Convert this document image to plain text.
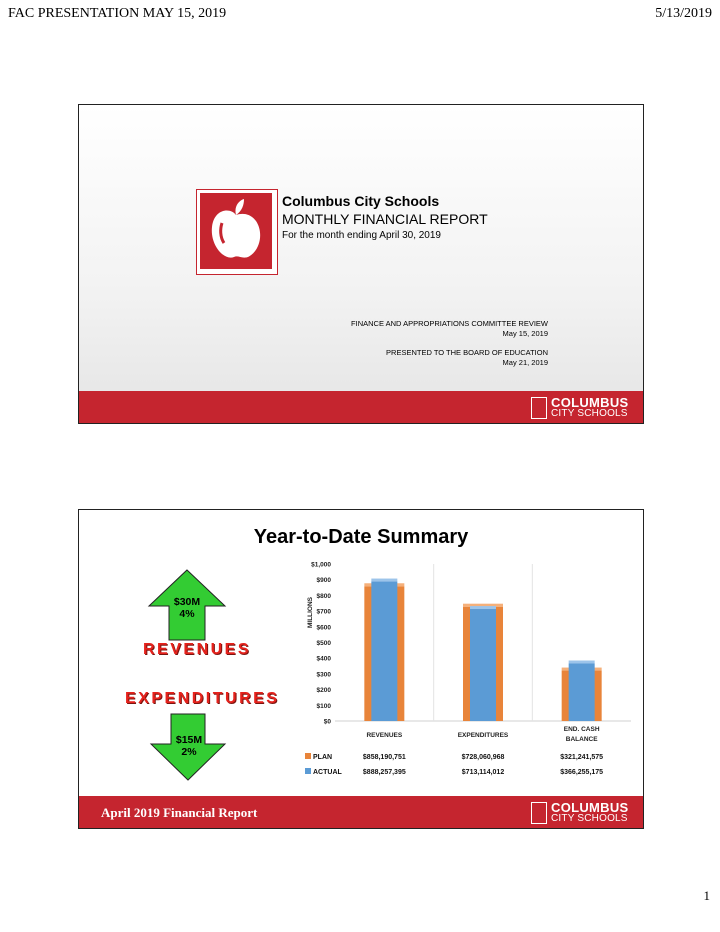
FAC PRESENTATION MAY 15, 2019	5/13/2019
Columbus City Schools
MONTHLY FINANCIAL REPORT
For the month ending April 30, 2019
FINANCE AND APPROPRIATIONS COMMITTEE REVIEW
May 15, 2019
PRESENTED TO THE BOARD OF EDUCATION
May 21, 2019
COLUMBUS
CITY SCHOOLS
Year-to-Date Summary
$30M
4%
REVENUES
EXPENDITURES
$15M
2%
$0
$100
$200
$300
$400
$500
$600
$700
$800
$900
$1,000
MILLIONS
REVENUES
$858,190,751
$888,257,395
EXPENDITURES
$728,060,968
$713,114,012
END. CASH
BALANCE
$321,241,575
$366,255,175
PLAN
ACTUAL
April 2019 Financial Report	COLUMBUS
CITY SCHOOLS
1
